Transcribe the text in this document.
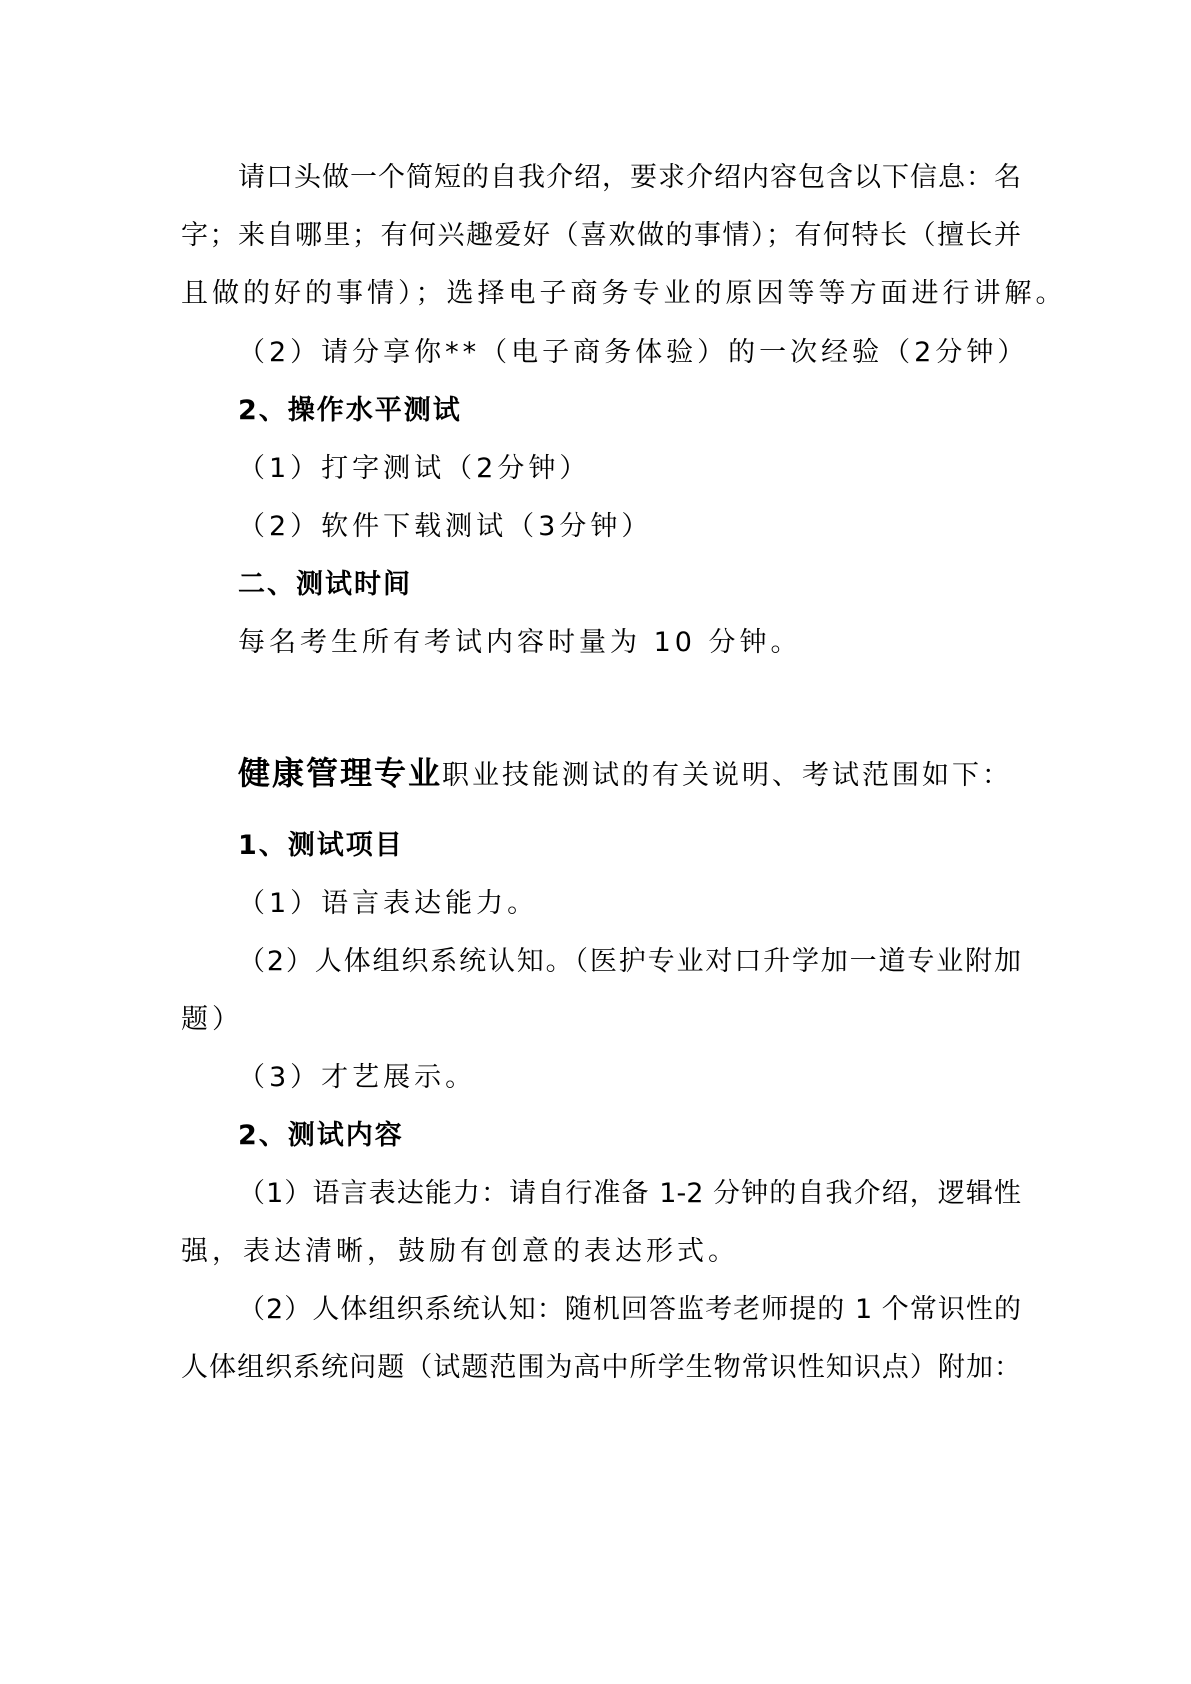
请口头做一个简短的自我介绍，要求介绍内容包含以下信息：名

字；来自哪里；有何兴趣爱好（喜欢做的事情）；有何特长（擅长并

且做的好的事情）；选择电子商务专业的原因等等方面进行讲解。

（2）请分享你**（电子商务体验）的一次经验（2分钟）

2、操作水平测试

（1）打字测试（2分钟）

（2）软件下载测试（3分钟）

二、测试时间

每名考生所有考试内容时量为 10 分钟。

健康管理专业职业技能测试的有关说明、考试范围如下：

1、测试项目

（1）语言表达能力。

（2）人体组织系统认知。（医护专业对口升学加一道专业附加

题）

（3）才艺展示。

2、测试内容

（1）语言表达能力：请自行准备 1-2 分钟的自我介绍，逻辑性

强，表达清晰，鼓励有创意的表达形式。

（2）人体组织系统认知：随机回答监考老师提的 1 个常识性的

人体组织系统问题（试题范围为高中所学生物常识性知识点）附加：
